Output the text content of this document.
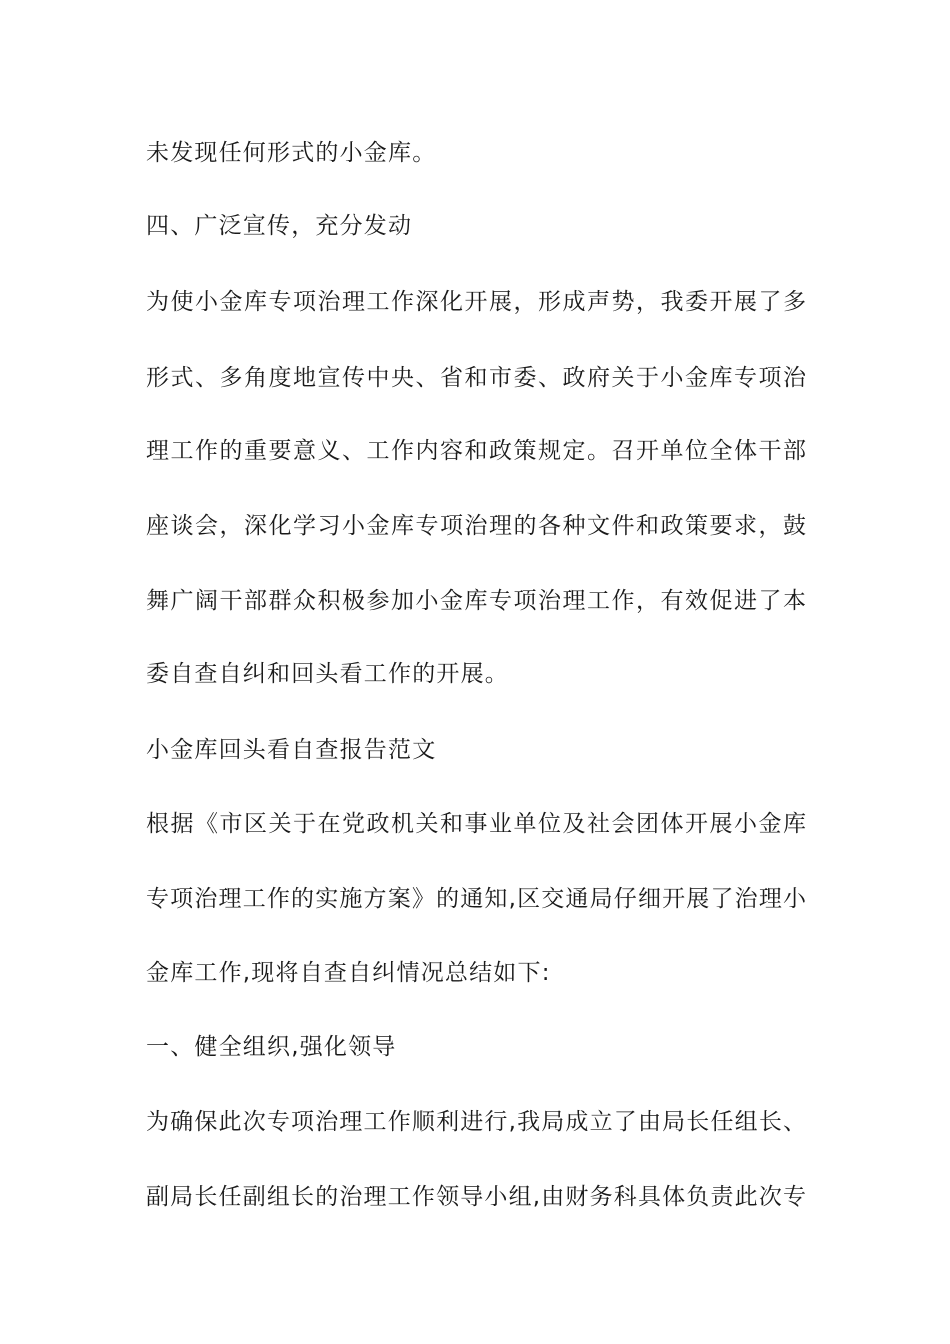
未发现任何形式的小金库。
四、广泛宣传，充分发动
为使小金库专项治理工作深化开展，形成声势，我委开展了多
形式、多角度地宣传中央、省和市委、政府关于小金库专项治
理工作的重要意义、工作内容和政策规定。召开单位全体干部
座谈会，深化学习小金库专项治理的各种文件和政策要求，鼓
舞广阔干部群众积极参加小金库专项治理工作，有效促进了本
委自查自纠和回头看工作的开展。
小金库回头看自查报告范文
根据《市区关于在党政机关和事业单位及社会团体开展小金库
专项治理工作的实施方案》的通知,区交通局仔细开展了治理小
金库工作,现将自查自纠情况总结如下:
一、健全组织,强化领导
为确保此次专项治理工作顺利进行,我局成立了由局长任组长、
副局长任副组长的治理工作领导小组,由财务科具体负责此次专
